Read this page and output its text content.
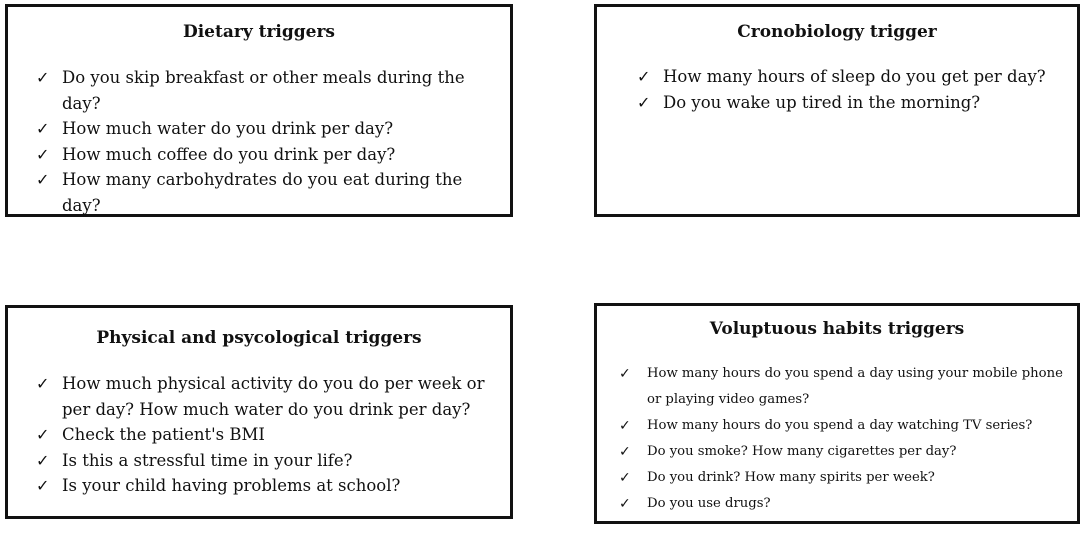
Dietary triggers
✓ Do you skip breakfast or other meals during the day?
✓ How much water do you drink per day?
✓ How much coffee do you drink per day?
✓ How many carbohydrates do you eat during the day?
Cronobiology trigger
✓ How many hours of sleep do you get per day?
✓ Do you wake up tired in the morning?
Physical and psycological triggers
✓ How much physical activity do you do per week or per day? How much water do you drink per day?
✓ Check the patient's BMI
✓ Is this a stressful time in your life?
✓ Is your child having problems at school?
Voluptuous habits triggers
✓ How many hours do you spend a day using your mobile phone or playing video games?
✓ How many hours do you spend a day watching TV series?
✓ Do you smoke? How many cigarettes per day?
✓ Do you drink? How many spirits per week?
✓ Do you use drugs?
